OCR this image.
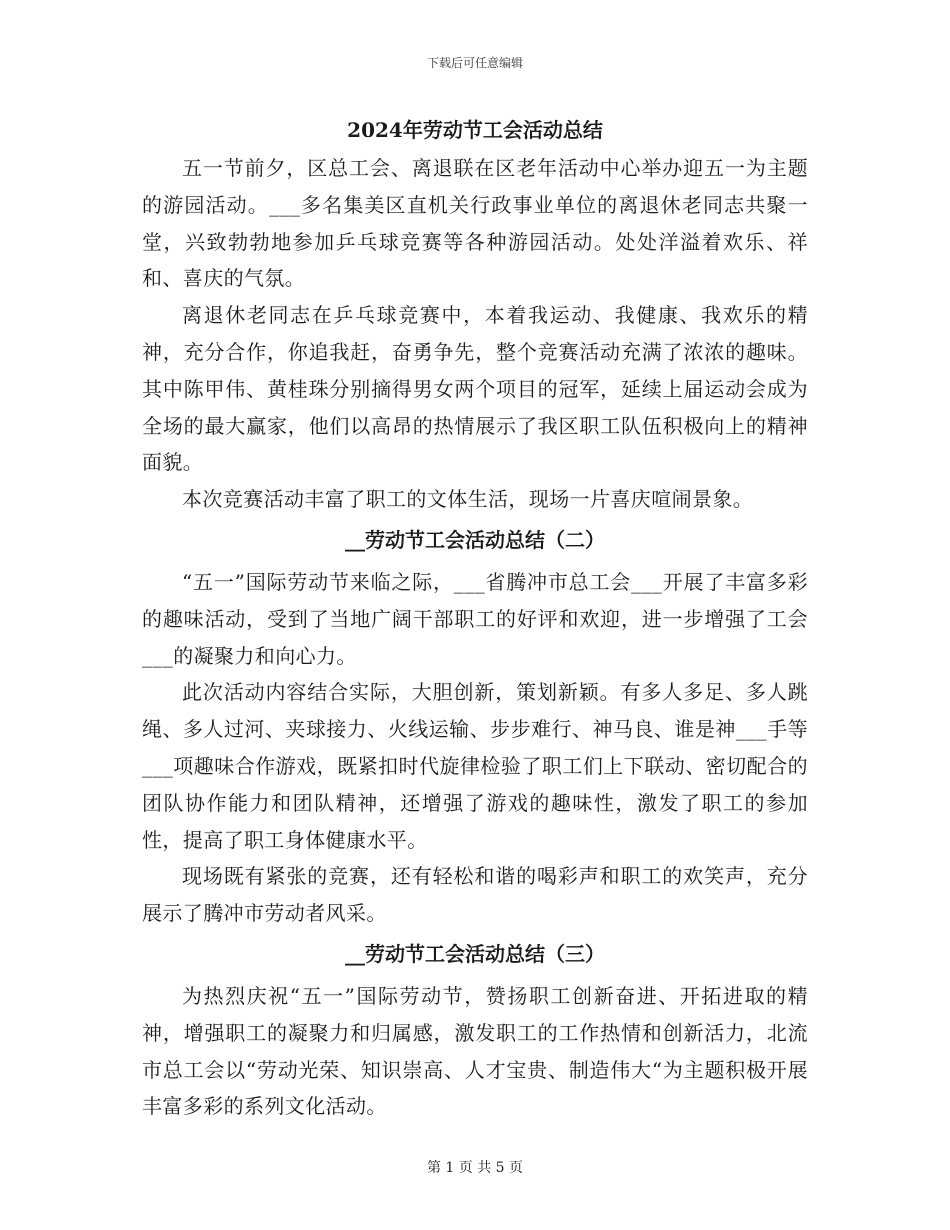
下载后可任意编辑
2024年劳动节工会活动总结

五一节前夕，区总工会、离退联在区老年活动中心举办迎五一为主题的游园活动。___多名集美区直机关行政事业单位的离退休老同志共聚一堂，兴致勃勃地参加乒乓球竞赛等各种游园活动。处处洋溢着欢乐、祥和、喜庆的气氛。

离退休老同志在乒乓球竞赛中，本着我运动、我健康、我欢乐的精神，充分合作，你追我赶，奋勇争先，整个竞赛活动充满了浓浓的趣味。其中陈甲伟、黄桂珠分别摘得男女两个项目的冠军，延续上届运动会成为全场的最大赢家，他们以高昂的热情展示了我区职工队伍积极向上的精神面貌。

本次竞赛活动丰富了职工的文体生活，现场一片喜庆喧闹景象。

__劳动节工会活动总结（二）

“五一”国际劳动节来临之际，___省腾冲市总工会___开展了丰富多彩的趣味活动，受到了当地广阔干部职工的好评和欢迎，进一步增强了工会___的凝聚力和向心力。

此次活动内容结合实际，大胆创新，策划新颖。有多人多足、多人跳绳、多人过河、夹球接力、火线运输、步步难行、神马良、谁是神___手等___项趣味合作游戏，既紧扣时代旋律检验了职工们上下联动、密切配合的团队协作能力和团队精神，还增强了游戏的趣味性，激发了职工的参加性，提高了职工身体健康水平。

现场既有紧张的竞赛，还有轻松和谐的喝彩声和职工的欢笑声，充分展示了腾冲市劳动者风采。

__劳动节工会活动总结（三）

为热烈庆祝“五一”国际劳动节，赞扬职工创新奋进、开拓进取的精神，增强职工的凝聚力和归属感，激发职工的工作热情和创新活力，北流市总工会以“劳动光荣、知识崇高、人才宝贵、制造伟大“为主题积极开展丰富多彩的系列文化活动。

第 1 页 共 5 页
